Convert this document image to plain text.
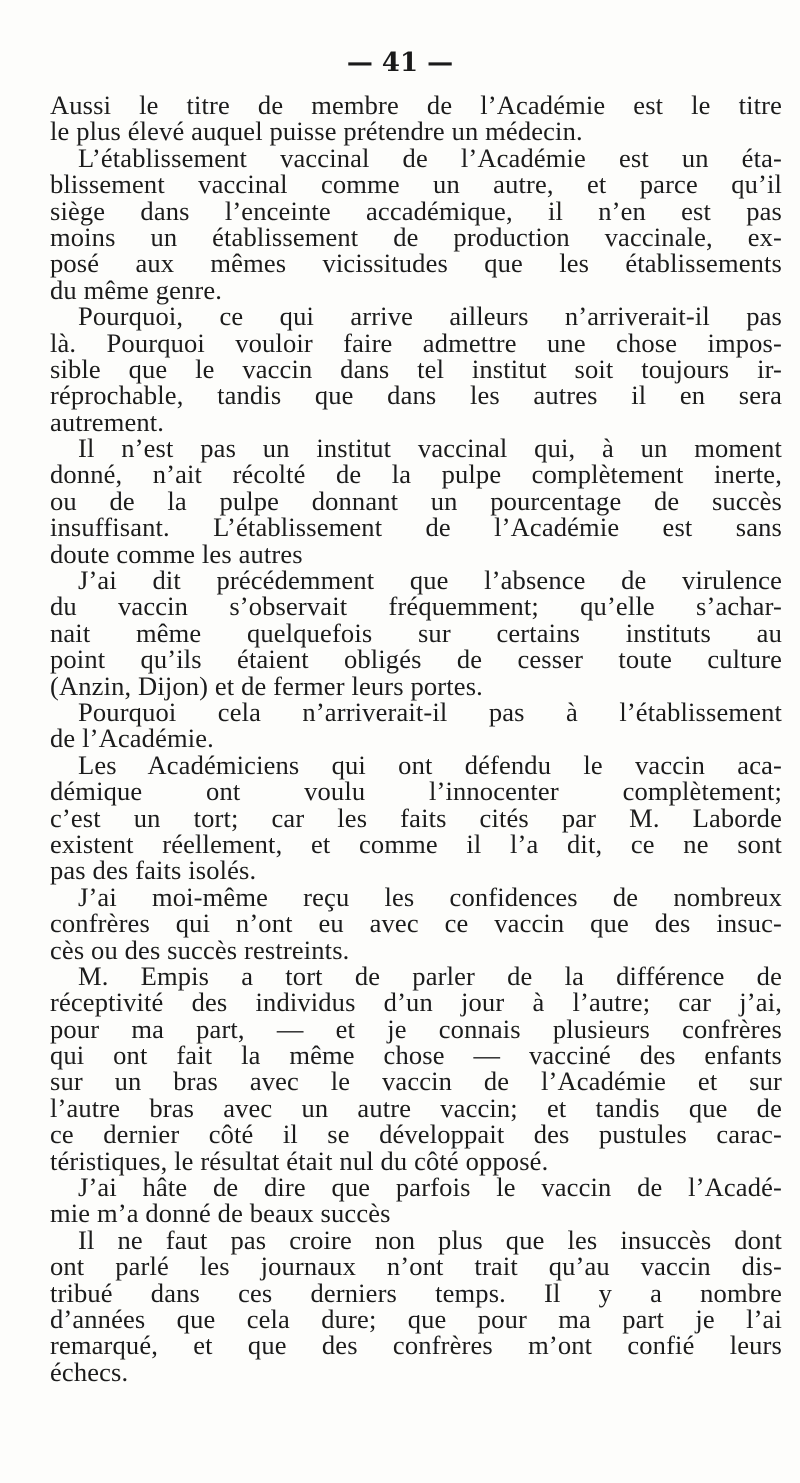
— 41 —

Aussi le titre de membre de l’Académie est le titre
le plus élevé auquel puisse prétendre un médecin.
L’établissement vaccinal de l’Académie est un éta-
blissement vaccinal comme un autre, et parce qu’il
siège dans l’enceinte accadémique, il n’en est pas
moins un établissement de production vaccinale, ex-
posé aux mêmes vicissitudes que les établissements
du même genre.
Pourquoi, ce qui arrive ailleurs n’arriverait-il pas
là. Pourquoi vouloir faire admettre une chose impos-
sible que le vaccin dans tel institut soit toujours ir-
réprochable, tandis que dans les autres il en sera
autrement.
Il n’est pas un institut vaccinal qui, à un moment
donné, n’ait récolté de la pulpe complètement inerte,
ou de la pulpe donnant un pourcentage de succès
insuffisant. L’établissement de l’Académie est sans
doute comme les autres
J’ai dit précédemment que l’absence de virulence
du vaccin s’observait fréquemment; qu’elle s’achar-
nait même quelquefois sur certains instituts au
point qu’ils étaient obligés de cesser toute culture
(Anzin, Dijon) et de fermer leurs portes.
Pourquoi cela n’arriverait-il pas à l’établissement
de l’Académie.
Les Académiciens qui ont défendu le vaccin aca-
démique ont voulu l’innocenter complètement;
c’est un tort; car les faits cités par M. Laborde
existent réellement, et comme il l’a dit, ce ne sont
pas des faits isolés.
J’ai moi-même reçu les confidences de nombreux
confrères qui n’ont eu avec ce vaccin que des insuc-
cès ou des succès restreints.
M. Empis a tort de parler de la différence de
réceptivité des individus d’un jour à l’autre; car j’ai,
pour ma part, — et je connais plusieurs confrères
qui ont fait la même chose — vacciné des enfants
sur un bras avec le vaccin de l’Académie et sur
l’autre bras avec un autre vaccin; et tandis que de
ce dernier côté il se développait des pustules carac-
téristiques, le résultat était nul du côté opposé.
J’ai hâte de dire que parfois le vaccin de l’Acadé-
mie m’a donné de beaux succès
Il ne faut pas croire non plus que les insuccès dont
ont parlé les journaux n’ont trait qu’au vaccin dis-
tribué dans ces derniers temps. Il y a nombre
d’années que cela dure; que pour ma part je l’ai
remarqué, et que des confrères m’ont confié leurs
échecs.
